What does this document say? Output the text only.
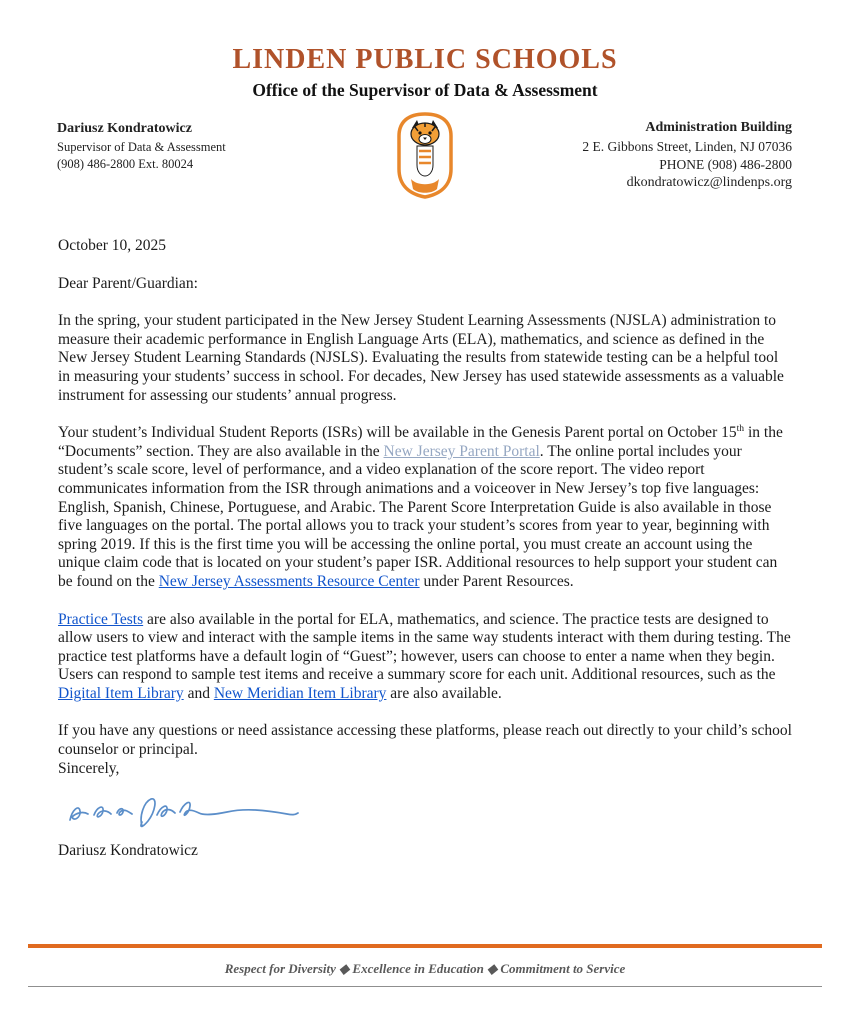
LINDEN PUBLIC SCHOOLS
Office of the Supervisor of Data & Assessment
Dariusz Kondratowicz
Supervisor of Data & Assessment
(908) 486-2800 Ext. 80024
Administration Building
2 E. Gibbons Street, Linden, NJ 07036
PHONE (908) 486-2800
dkondratowicz@lindenps.org

October 10, 2025

Dear Parent/Guardian:

In the spring, your student participated in the New Jersey Student Learning Assessments (NJSLA) administration to measure their academic performance in English Language Arts (ELA), mathematics, and science as defined in the New Jersey Student Learning Standards (NJSLS). Evaluating the results from statewide testing can be a helpful tool in measuring your students’ success in school. For decades, New Jersey has used statewide assessments as a valuable instrument for assessing our students’ annual progress.

Your student’s Individual Student Reports (ISRs) will be available in the Genesis Parent portal on October 15th in the “Documents” section. They are also available in the New Jersey Parent Portal. The online portal includes your student’s scale score, level of performance, and a video explanation of the score report. The video report communicates information from the ISR through animations and a voiceover in New Jersey’s top five languages: English, Spanish, Chinese, Portuguese, and Arabic. The Parent Score Interpretation Guide is also available in those five languages on the portal. The portal allows you to track your student’s scores from year to year, beginning with spring 2019. If this is the first time you will be accessing the online portal, you must create an account using the unique claim code that is located on your student’s paper ISR. Additional resources to help support your student can be found on the New Jersey Assessments Resource Center under Parent Resources.

Practice Tests are also available in the portal for ELA, mathematics, and science. The practice tests are designed to allow users to view and interact with the sample items in the same way students interact with them during testing. The practice test platforms have a default login of “Guest”; however, users can choose to enter a name when they begin. Users can respond to sample test items and receive a summary score for each unit. Additional resources, such as the Digital Item Library and New Meridian Item Library are also available.

If you have any questions or need assistance accessing these platforms, please reach out directly to your child’s school counselor or principal.

Sincerely,

Dariusz Kondratowicz

Respect for Diversity ◆ Excellence in Education ◆ Commitment to Service
